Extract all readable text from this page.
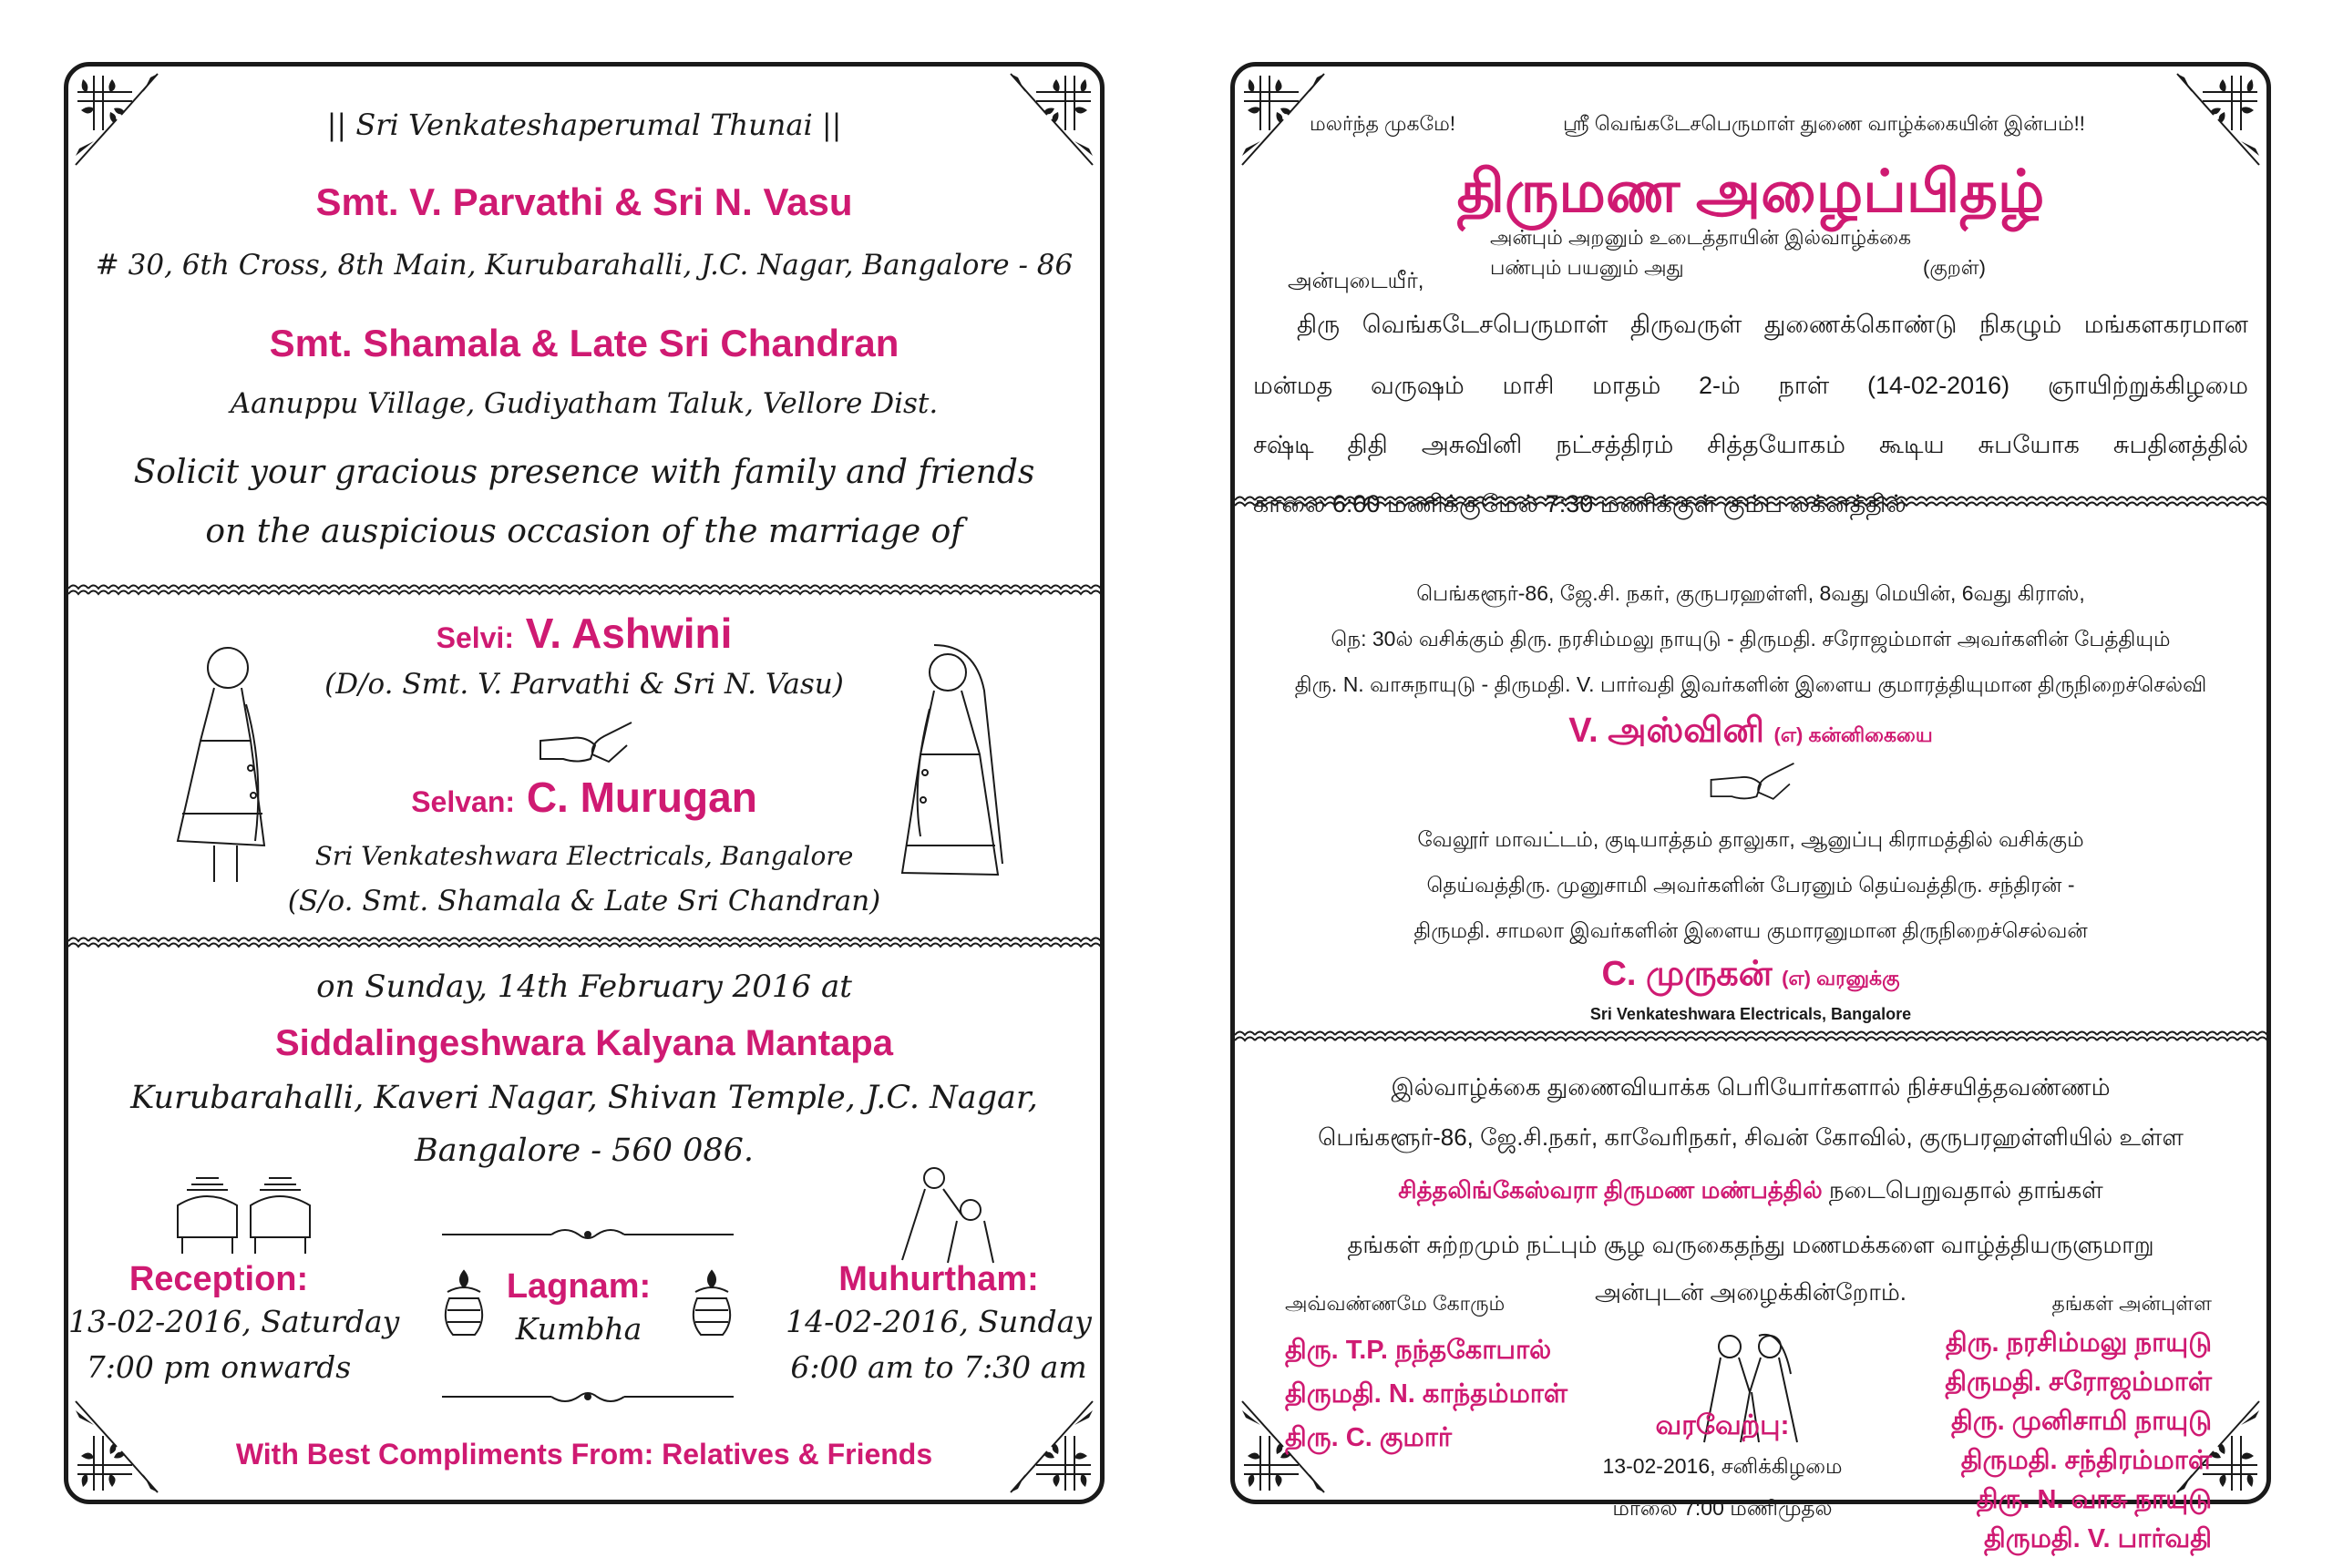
|| Sri Venkateshaperumal Thunai ||
Smt. V. Parvathi & Sri N. Vasu
# 30, 6th Cross, 8th Main, Kurubarahalli, J.C. Nagar, Bangalore - 86
Smt. Shamala & Late Sri Chandran
Aanuppu Village, Gudiyatham Taluk, Vellore Dist.
Solicit your gracious presence with family and friends
on the auspicious occasion of the marriage of
Selvi: V. Ashwini
(D/o. Smt. V. Parvathi & Sri N. Vasu)
Selvan: C. Murugan
Sri Venkateshwara Electricals, Bangalore
(S/o. Smt. Shamala & Late Sri Chandran)
on Sunday, 14th February 2016 at
Siddalingeshwara Kalyana Mantapa
Kurubarahalli, Kaveri Nagar, Shivan Temple, J.C. Nagar,
Bangalore - 560 086.
Reception:
13-02-2016, Saturday
7:00 pm onwards
Lagnam:
Kumbha
Muhurtham:
14-02-2016, Sunday
6:00 am to 7:30 am
With Best Compliments From: Relatives & Friends
மலர்ந்த முகமே!	ஸ்ரீ வெங்கடேசபெருமாள் துணை வாழ்க்கையின் இன்பம்!!
திருமண அழைப்பிதழ்
அன்பும் அறனும் உடைத்தாயின் இல்வாழ்க்கை
பண்பும் பயனும் அது	(குறள்)
அன்புடையீர்,
திரு வெங்கடேசபெருமாள் திருவருள் துணைக்கொண்டு நிகழும் மங்களகரமான
மன்மத வருஷம் மாசி மாதம் 2-ம் நாள் (14-02-2016) ஞாயிற்றுக்கிழமை
சஷ்டி திதி அசுவினி நட்சத்திரம் சித்தயோகம் கூடிய சுபயோக சுபதினத்தில்
பெங்களூர்-86, ஜே.சி. நகர், குருபரஹள்ளி, 8வது மெயின், 6வது கிராஸ்,
நெ: 30ல் வசிக்கும் திரு. நரசிம்மலு நாயுடு - திருமதி. சரோஜம்மாள் அவர்களின் பேத்தியும்
திரு. N. வாசுநாயுடு - திருமதி. V. பார்வதி இவர்களின் இளைய குமாரத்தியுமான திருநிறைச்செல்வி
V. அஸ்வினி (எ) கன்னிகையை
வேலூர் மாவட்டம், குடியாத்தம் தாலுகா, ஆனுப்பு கிராமத்தில் வசிக்கும்
தெய்வத்திரு. முனுசாமி அவர்களின் பேரனும் தெய்வத்திரு. சந்திரன் -
திருமதி. சாமலா இவர்களின் இளைய குமாரனுமான திருநிறைச்செல்வன்
C. முருகன் (எ) வரனுக்கு
Sri Venkateshwara Electricals, Bangalore
இல்வாழ்க்கை துணைவியாக்க பெரியோர்களால் நிச்சயித்தவண்ணம்
பெங்களூர்-86, ஜே.சி.நகர், காவேரிநகர், சிவன் கோவில், குருபரஹள்ளியில் உள்ள
சித்தலிங்கேஸ்வரா திருமண மண்பத்தில் நடைபெறுவதால் தாங்கள்
தங்கள் சுற்றமும் நட்பும் சூழ வருகைதந்து மணமக்களை வாழ்த்தியருளுமாறு
அன்புடன் அழைக்கின்றோம்.
அவ்வண்ணமே கோரும்	தங்கள் அன்புள்ள
திரு. T.P. நந்தகோபால்
திருமதி. N. காந்தம்மாள்
திரு. C. குமார்	வரவேற்பு:
13-02-2016, சனிக்கிழமை
மாலை 7:00 மணிமுதல்
திரு. நரசிம்மலு நாயுடு
திருமதி. சரோஜம்மாள்
திரு. முனிசாமி நாயுடு
திருமதி. சந்திரம்மாள்
திரு. N. வாசு நாயுடு
திருமதி. V. பார்வதி
